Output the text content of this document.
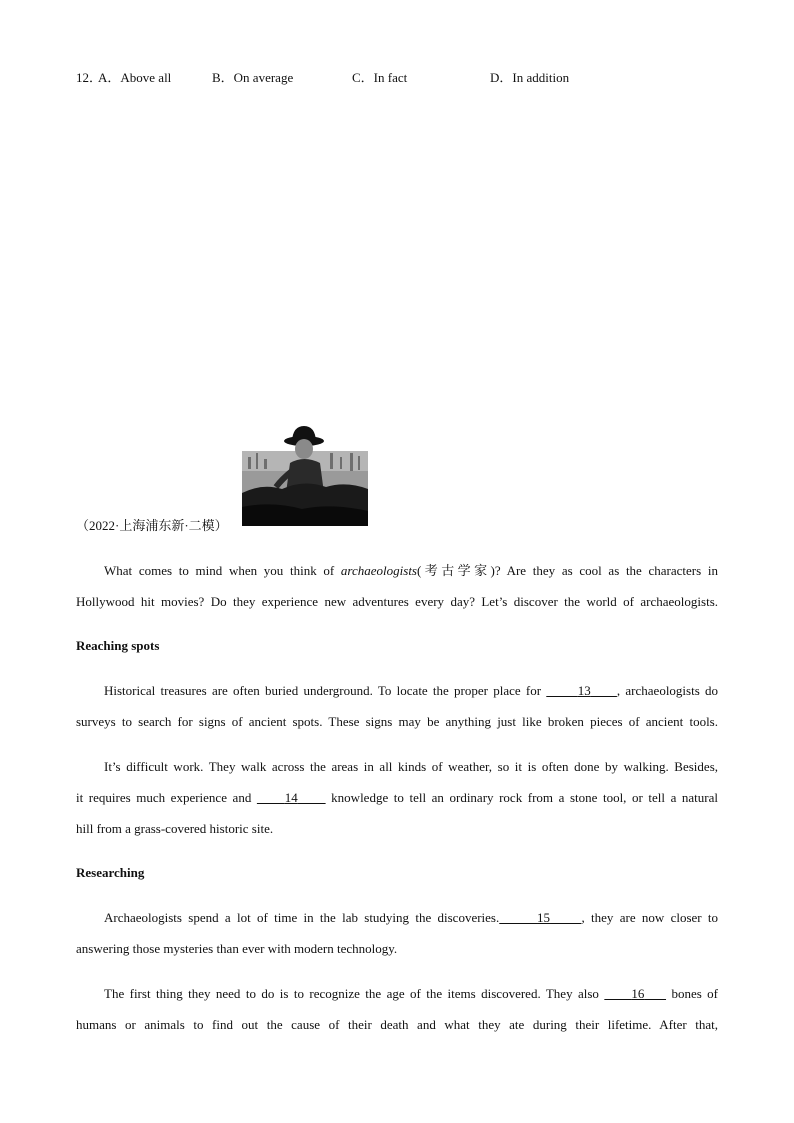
12．
A．Above all	B．On average	C．In fact	D．In addition
（2022·上海浦东新·二模）
What comes to mind when you think of archaeologists(考古学家)? Are they as cool as the characters in
Hollywood hit movies? Do they experience new adventures every day? Let’s discover the world of archaeologists.
Reaching spots
Historical treasures are often buried underground. To locate the proper place for       13 , archaeologists do
surveys to search for signs of ancient spots. These signs may be anything just like broken pieces of ancient tools.
It’s difficult work. They walk across the areas in all kinds of weather, so it is often done by walking. Besides,
it requires much experience and      14      knowledge to tell an ordinary rock from a stone tool, or tell a natural
hill from a grass-covered historic site.
Researching
Archaeologists spend a lot of time in the lab studying the discoveries.	15 , they are now closer to
answering those mysteries than ever with modern technology.
The first thing they need to do is to recognize the age of the items discovered. They also      16     bones of
humans or animals to find out the cause of their death and what they ate during their lifetime. After that,
